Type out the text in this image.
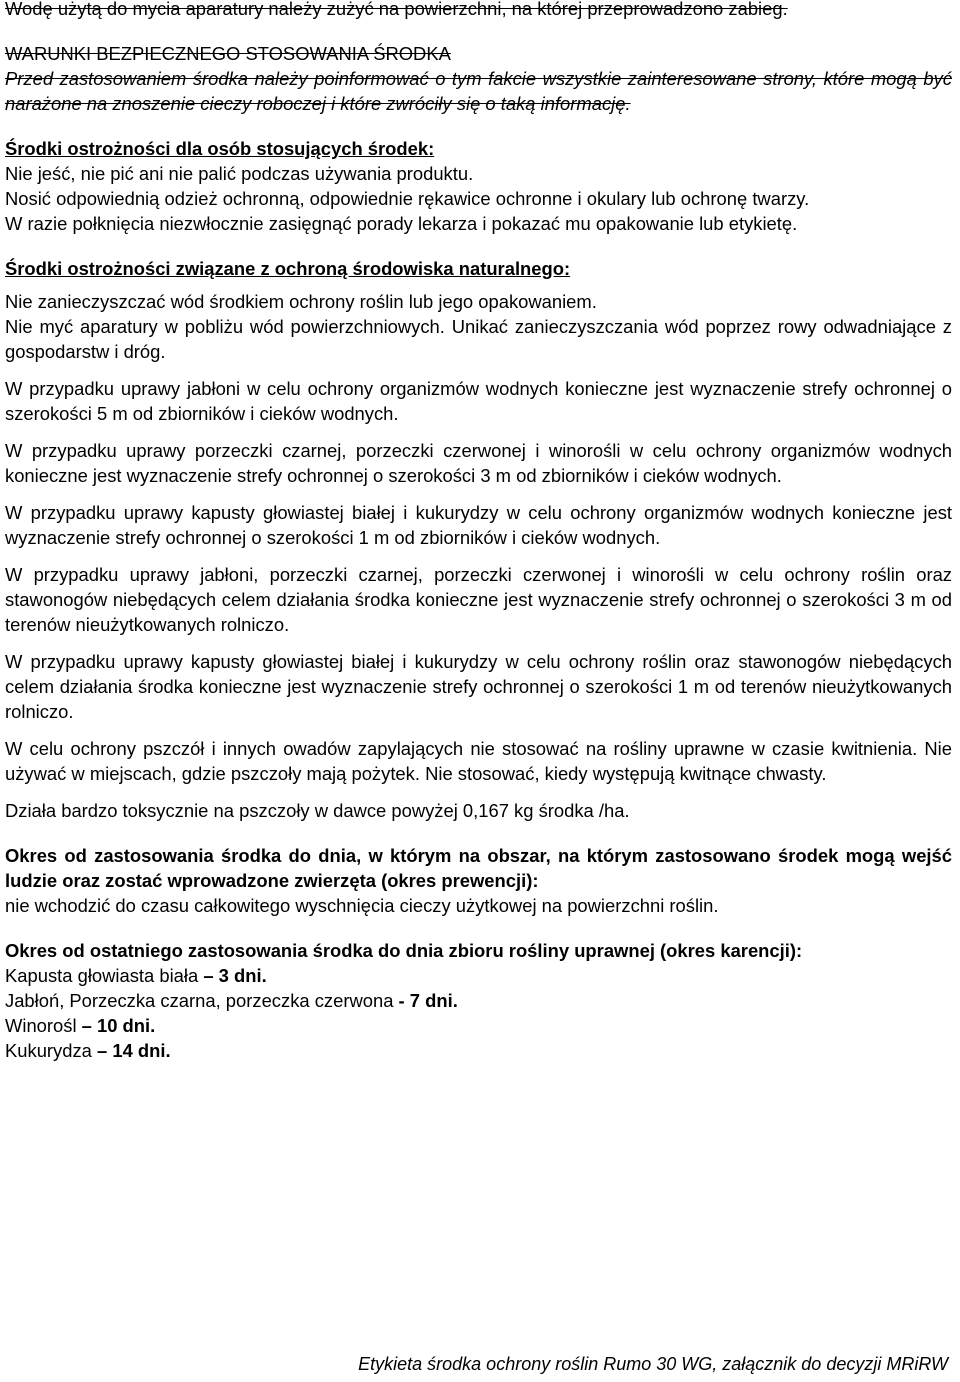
Wodę użytą do mycia aparatury należy zużyć na powierzchni, na której przeprowadzono zabieg.

WARUNKI BEZPIECZNEGO STOSOWANIA ŚRODKA

Przed zastosowaniem środka należy poinformować o tym fakcie wszystkie zainteresowane strony, które mogą być narażone na znoszenie cieczy roboczej i które zwróciły się o taką informację.

Środki ostrożności dla osób stosujących środek:

Nie jeść, nie pić ani nie palić podczas używania produktu.

Nosić odpowiednią odzież ochronną, odpowiednie rękawice ochronne i okulary lub ochronę twarzy.

W razie połknięcia niezwłocznie zasięgnąć porady lekarza i pokazać mu opakowanie lub etykietę.

Środki ostrożności związane z ochroną środowiska naturalnego:

Nie zanieczyszczać wód środkiem ochrony roślin lub jego opakowaniem.

Nie myć aparatury w pobliżu wód powierzchniowych. Unikać zanieczyszczania wód poprzez rowy odwadniające z gospodarstw i dróg.

W przypadku uprawy jabłoni w celu ochrony organizmów wodnych konieczne jest wyznaczenie strefy ochronnej o szerokości 5 m od zbiorników i cieków wodnych.

W przypadku uprawy porzeczki czarnej, porzeczki czerwonej i winorośli w celu ochrony organizmów wodnych konieczne jest wyznaczenie strefy ochronnej o szerokości 3 m od zbiorników i cieków wodnych.

W przypadku uprawy kapusty głowiastej białej i kukurydzy w celu ochrony organizmów wodnych konieczne jest wyznaczenie strefy ochronnej o szerokości 1 m od zbiorników i cieków wodnych.

W przypadku uprawy jabłoni, porzeczki czarnej, porzeczki czerwonej i winorośli w celu ochrony roślin oraz stawonogów niebędących celem działania środka konieczne jest wyznaczenie strefy ochronnej o szerokości 3 m od terenów nieużytkowanych rolniczo.

W przypadku uprawy kapusty głowiastej białej i kukurydzy w celu ochrony roślin oraz stawonogów niebędących celem działania środka konieczne jest wyznaczenie strefy ochronnej o szerokości 1 m od terenów nieużytkowanych rolniczo.

W celu ochrony pszczół i innych owadów zapylających nie stosować na rośliny uprawne w czasie kwitnienia. Nie używać w miejscach, gdzie pszczoły mają pożytek. Nie stosować, kiedy występują kwitnące chwasty.

Działa bardzo toksycznie na pszczoły w dawce powyżej 0,167 kg środka /ha.

Okres od zastosowania środka do dnia, w którym na obszar, na którym zastosowano środek mogą wejść ludzie oraz zostać wprowadzone zwierzęta (okres prewencji):

nie wchodzić do czasu całkowitego wyschnięcia cieczy użytkowej na powierzchni roślin.

Okres od ostatniego zastosowania środka do dnia zbioru rośliny uprawnej (okres karencji):

Kapusta głowiasta biała – 3 dni.

Jabłoń, Porzeczka czarna, porzeczka czerwona - 7 dni.

Winorośl – 10 dni.

Kukurydza – 14 dni.

Etykieta środka ochrony roślin Rumo 30 WG, załącznik do decyzji MRiRW
